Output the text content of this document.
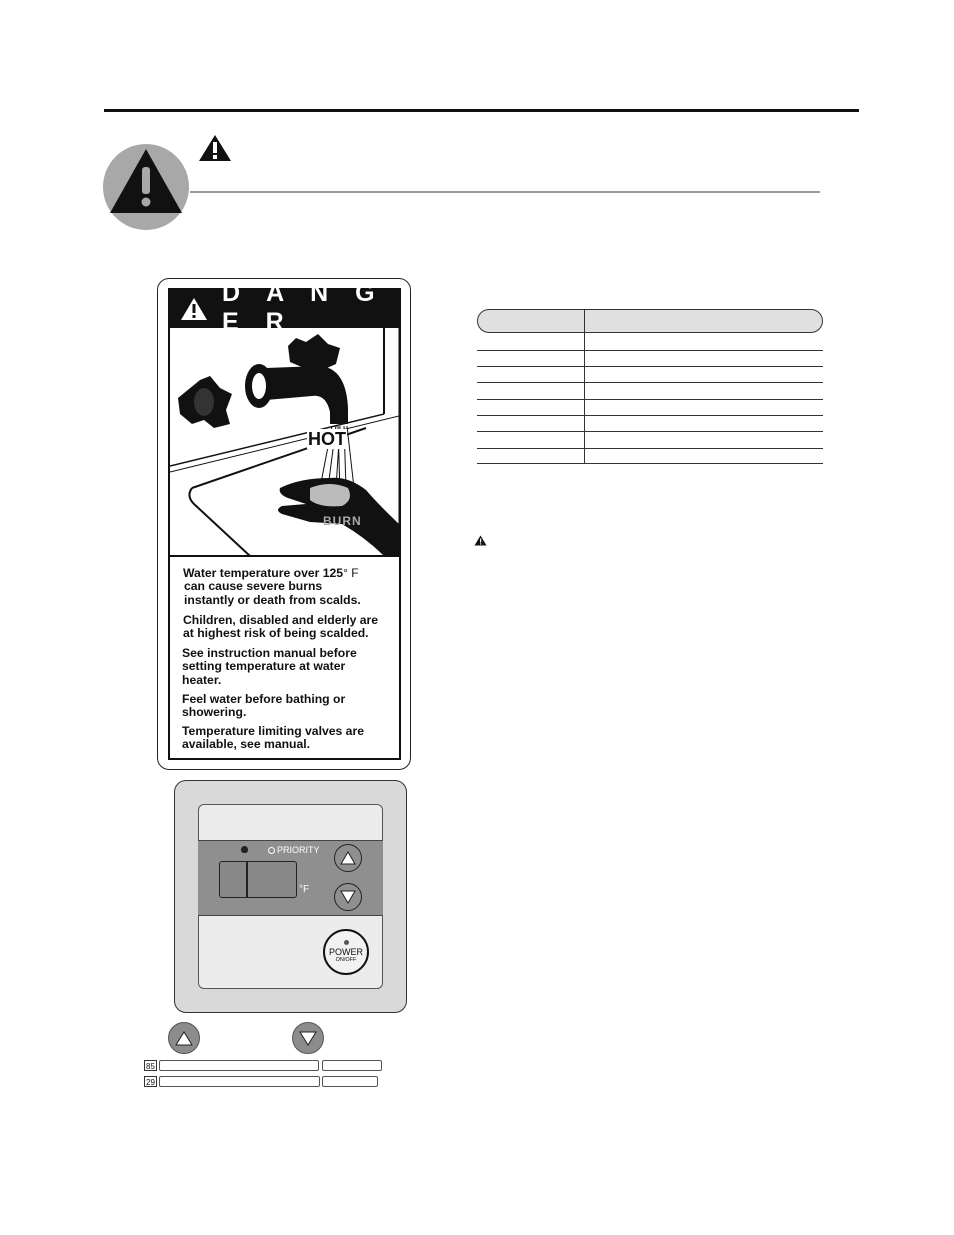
D A N G E R
HOT
BURN
Water temperature over 125° F
can cause severe burns
instantly or death from scalds.
Children, disabled and elderly are
at highest risk of being scalded.
See instruction manual before
setting temperature at water
heater.
Feel water before bathing or
showering.
Temperature limiting valves are
available, see manual.
PRIORITY
°F
POWER
ON/OFF
85
29
